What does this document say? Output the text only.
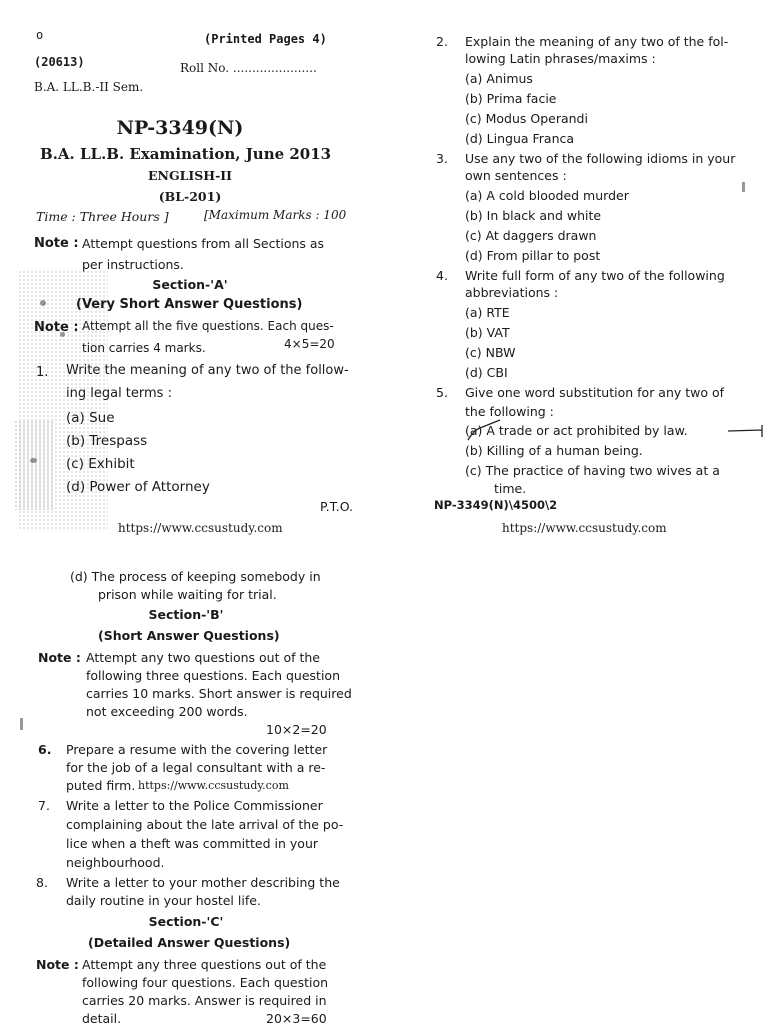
o	(Printed Pages 4)
(20613)	Roll No. ......................
B.A. LL.B.-II Sem.
NP-3349(N)
B.A. LL.B. Examination, June 2013
ENGLISH-II
(BL-201)
Time : Three Hours ]	[Maximum Marks : 100
Note : Attempt questions from all Sections as
per instructions.
Section-'A'
(Very Short Answer Questions)
Note : Attempt all the five questions. Each ques-
tion carries 4 marks.	4×5=20
1. Write the meaning of any two of the follow-
ing legal terms :
(a) Sue
(b) Trespass
(c) Exhibit
(d) Power of Attorney
P.T.O.
https://www.ccsustudy.com
2. Explain the meaning of any two of the fol-
lowing Latin phrases/maxims :
(a) Animus
(b) Prima facie
(c) Modus Operandi
(d) Lingua Franca
3. Use any two of the following idioms in your
own sentences :
(a) A cold blooded murder
(b) In black and white
(c) At daggers drawn
(d) From pillar to post
4. Write full form of any two of the following
abbreviations :
(a) RTE
(b) VAT
(c) NBW
(d) CBI
5. Give one word substitution for any two of
the following :
(a) A trade or act prohibited by law.
(b) Killing of a human being.
(c) The practice of having two wives at a
time.
NP-3349(N)\4500\2
https://www.ccsustudy.com
(d) The process of keeping somebody in
prison while waiting for trial.
Section-'B'
(Short Answer Questions)
Note : Attempt any two questions out of the
following three questions. Each question
carries 10 marks. Short answer is required
not exceeding 200 words.
10×2=20
6. Prepare a resume with the covering letter
for the job of a legal consultant with a re-
puted firm. https://www.ccsustudy.com
7. Write a letter to the Police Commissioner
complaining about the late arrival of the po-
lice when a theft was committed in your
neighbourhood.
8. Write a letter to your mother describing the
daily routine in your hostel life.
Section-'C'
(Detailed Answer Questions)
Note : Attempt any three questions out of the
following four questions. Each question
carries 20 marks. Answer is required in
detail.	20×3=60
